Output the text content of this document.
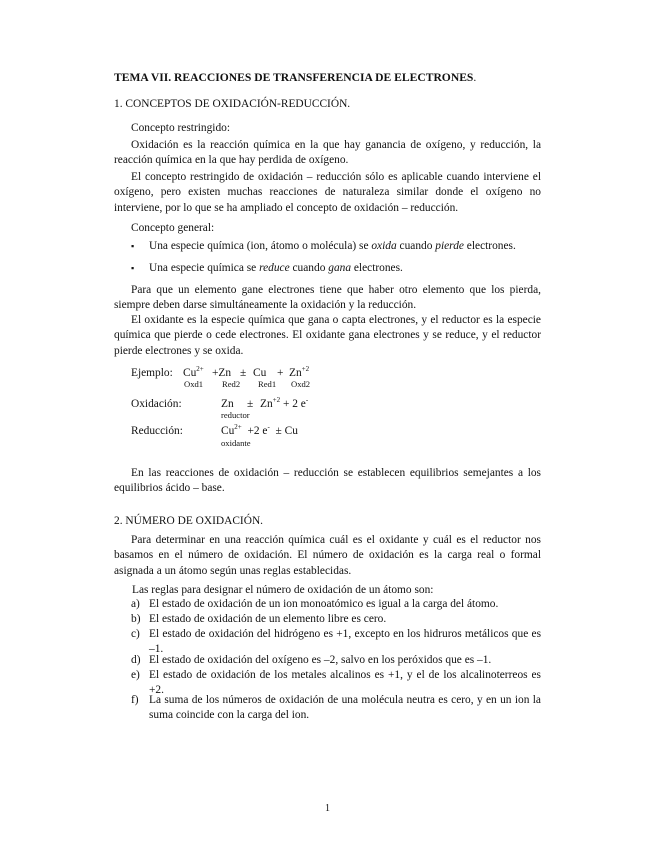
TEMA VII. REACCIONES DE TRANSFERENCIA DE ELECTRONES.
1. CONCEPTOS DE OXIDACIÓN-REDUCCIÓN.
Concepto restringido:
Oxidación es la reacción química en la que hay ganancia de oxígeno, y reducción, la reacción química en la que hay perdida de oxígeno.
El concepto restringido de oxidación – reducción sólo es aplicable cuando interviene el oxígeno, pero existen muchas reacciones de naturaleza similar donde el oxígeno no interviene, por lo que se ha ampliado el concepto de oxidación – reducción.
Concepto general:
▪ Una especie química (ion, átomo o molécula) se oxida cuando pierde electrones.
▪ Una especie química se reduce cuando gana electrones.
Para que un elemento gane electrones tiene que haber otro elemento que los pierda, siempre deben darse simultáneamente la oxidación y la reducción.
El oxidante es la especie química que gana o capta electrones, y el reductor es la especie química que pierde o cede electrones. El oxidante gana electrones y se reduce, y el reductor pierde electrones y se oxida.
Ejemplo: $Cu^{2+} +Zn \pm Cu + Zn^{+2}$
Oxd1 Red2 Red1 Oxd2
Oxidación:	$Zn \pm Zn^{+2} + 2$ e-
reductor
Reducción:	$Cu^{2+} +2$ e- ± Cu
oxidante
En las reacciones de oxidación – reducción se establecen equilibrios semejantes a los equilibrios ácido – base.
2. NÚMERO DE OXIDACIÓN.
Para determinar en una reacción química cuál es el oxidante y cuál es el reductor nos basamos en el número de oxidación. El número de oxidación es la carga real o formal asignada a un átomo según unas reglas establecidas.
Las reglas para designar el número de oxidación de un átomo son:
a) El estado de oxidación de un ion monoatómico es igual a la carga del átomo.
b) El estado de oxidación de un elemento libre es cero.
c) El estado de oxidación del hidrógeno es +1, excepto en los hidruros metálicos que es –1.
d) El estado de oxidación del oxígeno es –2, salvo en los peróxidos que es –1.
e) El estado de oxidación de los metales alcalinos es +1, y el de los alcalinoterreos es +2.
f) La suma de los números de oxidación de una molécula neutra es cero, y en un ion la suma coincide con la carga del ion.
1
